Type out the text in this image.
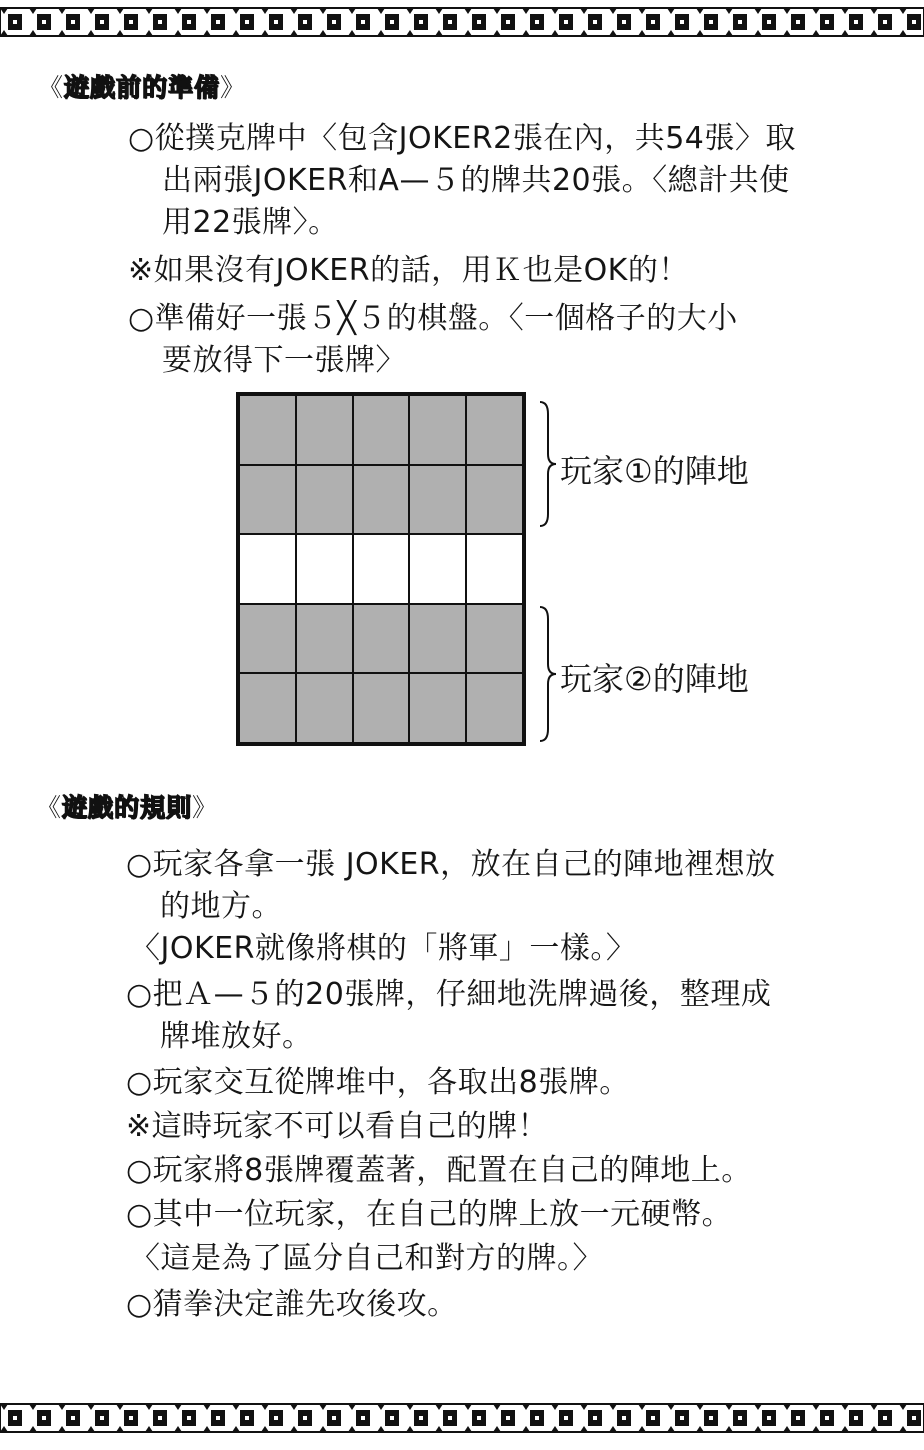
《遊戲前的準備》
○從撲克牌中〈包含JOKER2張在內，共54張〉取
出兩張JOKER和A—５的牌共20張。〈總計共使
用22張牌〉。
※如果沒有JOKER的話，用Ｋ也是OK的！
○準備好一張５╳５的棋盤。〈一個格子的大小
要放得下一張牌〉
玩家①的陣地
玩家②的陣地
《遊戲的規則》
○玩家各拿一張 JOKER，放在自己的陣地裡想放
的地方。
〈JOKER就像將棋的「將軍」一樣。〉
○把Ａ—５的20張牌，仔細地洗牌過後，整理成
牌堆放好。
○玩家交互從牌堆中，各取出8張牌。
※這時玩家不可以看自己的牌！
○玩家將8張牌覆蓋著，配置在自己的陣地上。
○其中一位玩家，在自己的牌上放一元硬幣。
〈這是為了區分自己和對方的牌。〉
○猜拳決定誰先攻後攻。
